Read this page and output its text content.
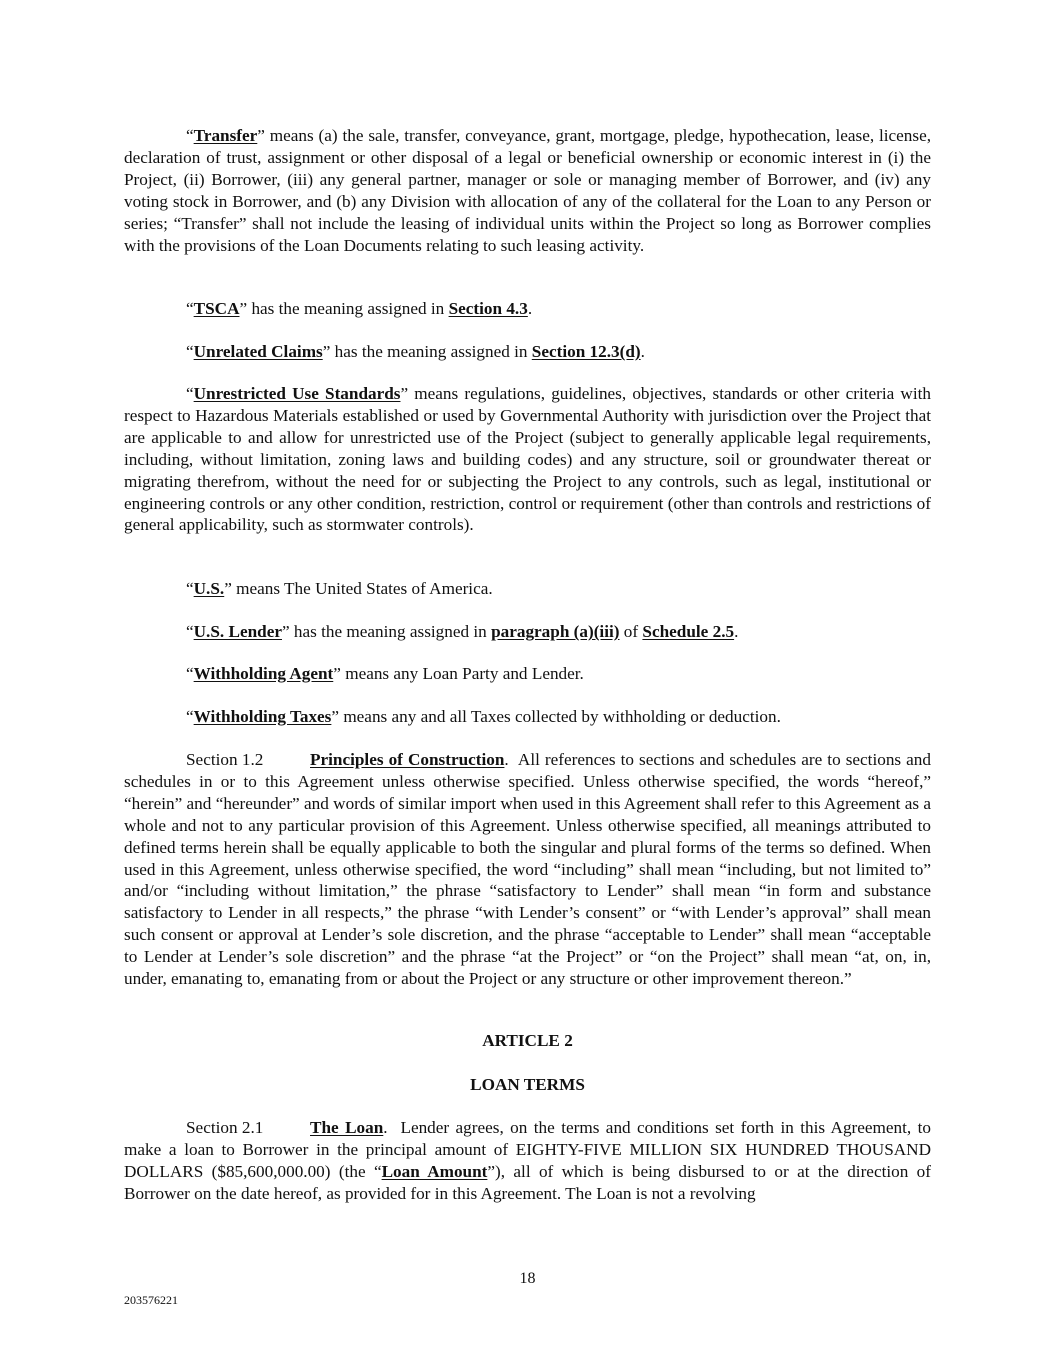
“Transfer” means (a) the sale, transfer, conveyance, grant, mortgage, pledge, hypothecation, lease, license, declaration of trust, assignment or other disposal of a legal or beneficial ownership or economic interest in (i) the Project, (ii) Borrower, (iii) any general partner, manager or sole or managing member of Borrower, and (iv) any voting stock in Borrower, and (b) any Division with allocation of any of the collateral for the Loan to any Person or series; “Transfer” shall not include the leasing of individual units within the Project so long as Borrower complies with the provisions of the Loan Documents relating to such leasing activity.

“TSCA” has the meaning assigned in Section 4.3.

“Unrelated Claims” has the meaning assigned in Section 12.3(d).

“Unrestricted Use Standards” means regulations, guidelines, objectives, standards or other criteria with respect to Hazardous Materials established or used by Governmental Authority with jurisdiction over the Project that are applicable to and allow for unrestricted use of the Project (subject to generally applicable legal requirements, including, without limitation, zoning laws and building codes) and any structure, soil or groundwater thereat or migrating therefrom, without the need for or subjecting the Project to any controls, such as legal, institutional or engineering controls or any other condition, restriction, control or requirement (other than controls and restrictions of general applicability, such as stormwater controls).

“U.S.” means The United States of America.

“U.S. Lender” has the meaning assigned in paragraph (a)(iii) of Schedule 2.5.

“Withholding Agent” means any Loan Party and Lender.

“Withholding Taxes” means any and all Taxes collected by withholding or deduction.

Section 1.2	Principles of Construction.  All references to sections and schedules are to sections and schedules in or to this Agreement unless otherwise specified. Unless otherwise specified, the words “hereof,” “herein” and “hereunder” and words of similar import when used in this Agreement shall refer to this Agreement as a whole and not to any particular provision of this Agreement. Unless otherwise specified, all meanings attributed to defined terms herein shall be equally applicable to both the singular and plural forms of the terms so defined. When used in this Agreement, unless otherwise specified, the word “including” shall mean “including, but not limited to” and/or “including without limitation,” the phrase “satisfactory to Lender” shall mean “in form and substance satisfactory to Lender in all respects,” the phrase “with Lender’s consent” or “with Lender’s approval” shall mean such consent or approval at Lender’s sole discretion, and the phrase “acceptable to Lender” shall mean “acceptable to Lender at Lender’s sole discretion” and the phrase “at the Project” or “on the Project” shall mean “at, on, in, under, emanating to, emanating from or about the Project or any structure or other improvement thereon.”

ARTICLE 2

LOAN TERMS

Section 2.1	The Loan.  Lender agrees, on the terms and conditions set forth in this Agreement, to make a loan to Borrower in the principal amount of EIGHTY-FIVE MILLION SIX HUNDRED THOUSAND DOLLARS ($85,600,000.00) (the “Loan Amount”), all of which is being disbursed to or at the direction of Borrower on the date hereof, as provided for in this Agreement. The Loan is not a revolving

18
203576221
